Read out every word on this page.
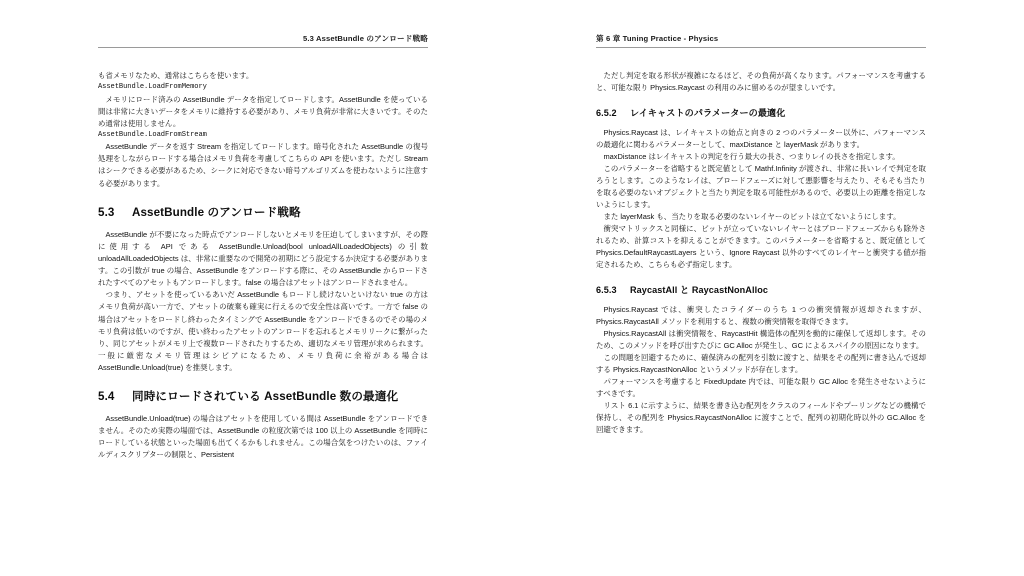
5.3 AssetBundle のアンロード戦略

も省メモリなため、通常はこちらを使います。

AssetBundle.LoadFromMemory

メモリにロード済みの AssetBundle データを指定してロードします。AssetBundle を使っている間は非常に大きいデータをメモリに維持する必要があり、メモリ負荷が非常に大きいです。そのため通常は使用しません。

AssetBundle.LoadFromStream

AssetBundle データを返す Stream を指定してロードします。暗号化された AssetBundle の復号処理をしながらロードする場合はメモリ負荷を考慮してこちらの API を使います。ただし Stream はシークできる必要があるため、シークに対応できない暗号アルゴリズムを使わないように注意する必要があります。

5.3 AssetBundle のアンロード戦略

AssetBundle が不要になった時点でアンロードしないとメモリを圧迫してしまいますが、その際に使用する API である AssetBundle.Unload(bool unloadAllLoadedObjects) の引数 unloadAllLoadedObjects は、非常に重要なので開発の初期にどう設定するか決定する必要があります。この引数が true の場合、AssetBundle をアンロードする際に、その AssetBundle からロードされたすべてのアセットもアンロードします。false の場合はアセットはアンロードされません。

つまり、アセットを使っているあいだ AssetBundle もロードし続けないといけない true の方はメモリ負荷が高い一方で、アセットの破棄も確実に行えるので安全性は高いです。一方で false の場合はアセットをロードし終わったタイミングで AssetBundle をアンロードできるのでその場のメモリ負荷は低いのですが、使い終わったアセットのアンロードを忘れるとメモリリークに繋がったり、同じアセットがメモリ上で複数ロードされたりするため、適切なメモリ管理が求められます。一般に厳密なメモリ管理はシビアになるため、メモリ負荷に余裕がある場合は AssetBundle.Unload(true) を推奨します。

5.4 同時にロードされている AssetBundle 数の最適化

AssetBundle.Unload(true) の場合はアセットを使用している間は AssetBundle をアンロードできません。そのため実際の場面では、AssetBundle の粒度次第では 100 以上の AssetBundle を同時にロードしている状態といった場面も出てくるかもしれません。この場合気をつけたいのは、ファイルディスクリプターの制限と、Persistent

第 6 章 Tuning Practice - Physics

ただし判定を取る形状が複雑になるほど、その負荷が高くなります。パフォーマンスを考慮すると、可能な限り Physics.Raycast の利用のみに留めるのが望ましいです。

6.5.2 レイキャストのパラメーターの最適化

Physics.Raycast は、レイキャストの始点と向きの 2 つのパラメーター以外に、パフォーマンスの最適化に関わるパラメーターとして、maxDistance と layerMask があります。

maxDistance はレイキャストの判定を行う最大の長さ、つまりレイの長さを指定します。

このパラメーターを省略すると既定値として Mathf.Infinity が渡され、非常に長いレイで判定を取ろうとします。このようなレイは、ブロードフェーズに対して悪影響を与えたり、そもそも当たりを取る必要のないオブジェクトと当たり判定を取る可能性があるので、必要以上の距離を指定しないようにします。

また layerMask も、当たりを取る必要のないレイヤーのビットは立てないようにします。

衝突マトリックスと同様に、ビットが立っていないレイヤーとはブロードフェーズからも除外されるため、計算コストを抑えることができます。このパラメーターを省略すると、既定値として Physics.DefaultRaycastLayers という、Ignore Raycast 以外のすべてのレイヤーと衝突する値が指定されるため、こちらも必ず指定します。

6.5.3 RaycastAll と RaycastNonAlloc

Physics.Raycast では、衝突したコライダーのうち 1 つの衝突情報が返却されますが、Physics.RaycastAll メソッドを利用すると、複数の衝突情報を取得できます。

Physics.RaycastAll は衝突情報を、RaycastHit 構造体の配列を動的に確保して返却します。そのため、このメソッドを呼び出すたびに GC Alloc が発生し、GC によるスパイクの原因になります。

この問題を回避するために、確保済みの配列を引数に渡すと、結果をその配列に書き込んで返却する Physics.RaycastNonAlloc というメソッドが存在します。

パフォーマンスを考慮すると FixedUpdate 内では、可能な限り GC Alloc を発生させないようにすべきです。

リスト 6.1 に示すように、結果を書き込む配列をクラスのフィールドやプーリングなどの機構で保持し、その配列を Physics.RaycastNonAlloc に渡すことで、配列の初期化時以外の GC.Alloc を回避できます。
